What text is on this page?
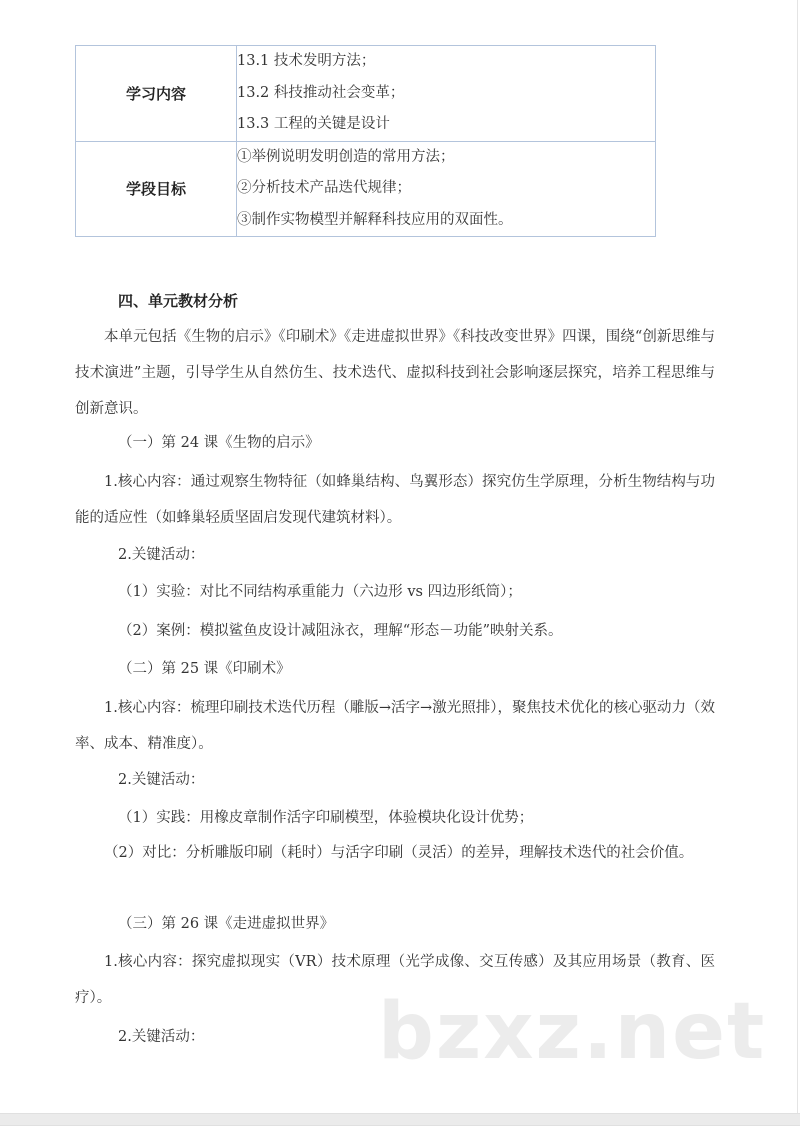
学习内容	13.1 技术发明方法；
13.2 科技推动社会变革；
13.3 工程的关键是设计

学段目标	①举例说明发明创造的常用方法；
②分析技术产品迭代规律；
③制作实物模型并解释科技应用的双面性。
四、单元教材分析

本单元包括《生物的启示》《印刷术》《走进虚拟世界》《科技改变世界》四课，围绕“创新思维与技术演进”主题，引导学生从自然仿生、技术迭代、虚拟科技到社会影响逐层探究，培养工程思维与创新意识。

（一）第 24 课《生物的启示》

1.核心内容：通过观察生物特征（如蜂巢结构、鸟翼形态）探究仿生学原理，分析生物结构与功能的适应性（如蜂巢轻质坚固启发现代建筑材料）。

2.关键活动：
（1）实验：对比不同结构承重能力（六边形 vs 四边形纸筒）；
（2）案例：模拟鲨鱼皮设计减阻泳衣，理解“形态－功能”映射关系。
（二）第 25 课《印刷术》

1.核心内容：梳理印刷技术迭代历程（雕版→活字→激光照排），聚焦技术优化的核心驱动力（效率、成本、精准度）。

2.关键活动：
（1）实践：用橡皮章制作活字印刷模型，体验模块化设计优势；

（2）对比：分析雕版印刷（耗时）与活字印刷（灵活）的差异，理解技术迭代的社会价值。

（三）第 26 课《走进虚拟世界》

1.核心内容：探究虚拟现实（VR）技术原理（光学成像、交互传感）及其应用场景（教育、医疗）。

2.关键活动： bzxz.net
